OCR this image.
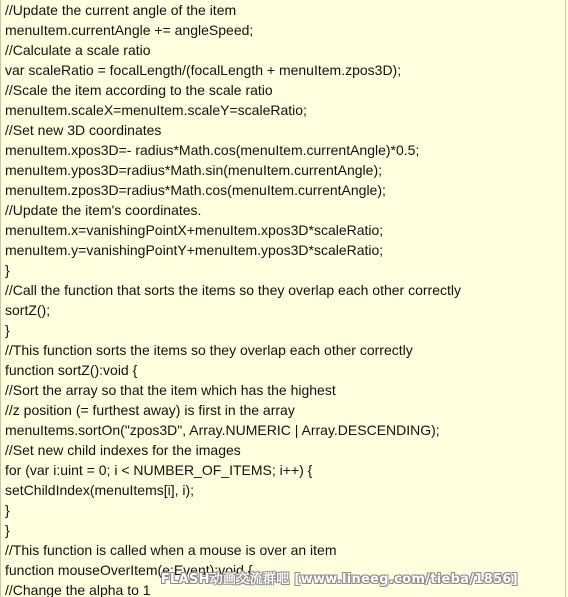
//Update the current angle of the item
menuItem.currentAngle += angleSpeed;
//Calculate a scale ratio
var scaleRatio = focalLength/(focalLength + menuItem.zpos3D);
//Scale the item according to the scale ratio
menuItem.scaleX=menuItem.scaleY=scaleRatio;
//Set new 3D coordinates
menuItem.xpos3D=- radius*Math.cos(menuItem.currentAngle)*0.5;
menuItem.ypos3D=radius*Math.sin(menuItem.currentAngle);
menuItem.zpos3D=radius*Math.cos(menuItem.currentAngle);
//Update the item's coordinates.
menuItem.x=vanishingPointX+menuItem.xpos3D*scaleRatio;
menuItem.y=vanishingPointY+menuItem.ypos3D*scaleRatio;
}
//Call the function that sorts the items so they overlap each other correctly
sortZ();
}
//This function sorts the items so they overlap each other correctly
function sortZ():void {
//Sort the array so that the item which has the highest
//z position (= furthest away) is first in the array
menuItems.sortOn("zpos3D", Array.NUMERIC | Array.DESCENDING);
//Set new child indexes for the images
for (var i:uint = 0; i < NUMBER_OF_ITEMS; i++) {
setChildIndex(menuItems[i], i);
}
}
//This function is called when a mouse is over an item
function mouseOverItem(e:Event):void {
//Change the alpha to 1
FLASH动画交流群吧 [www.lineeg.com/tieba/1856]
